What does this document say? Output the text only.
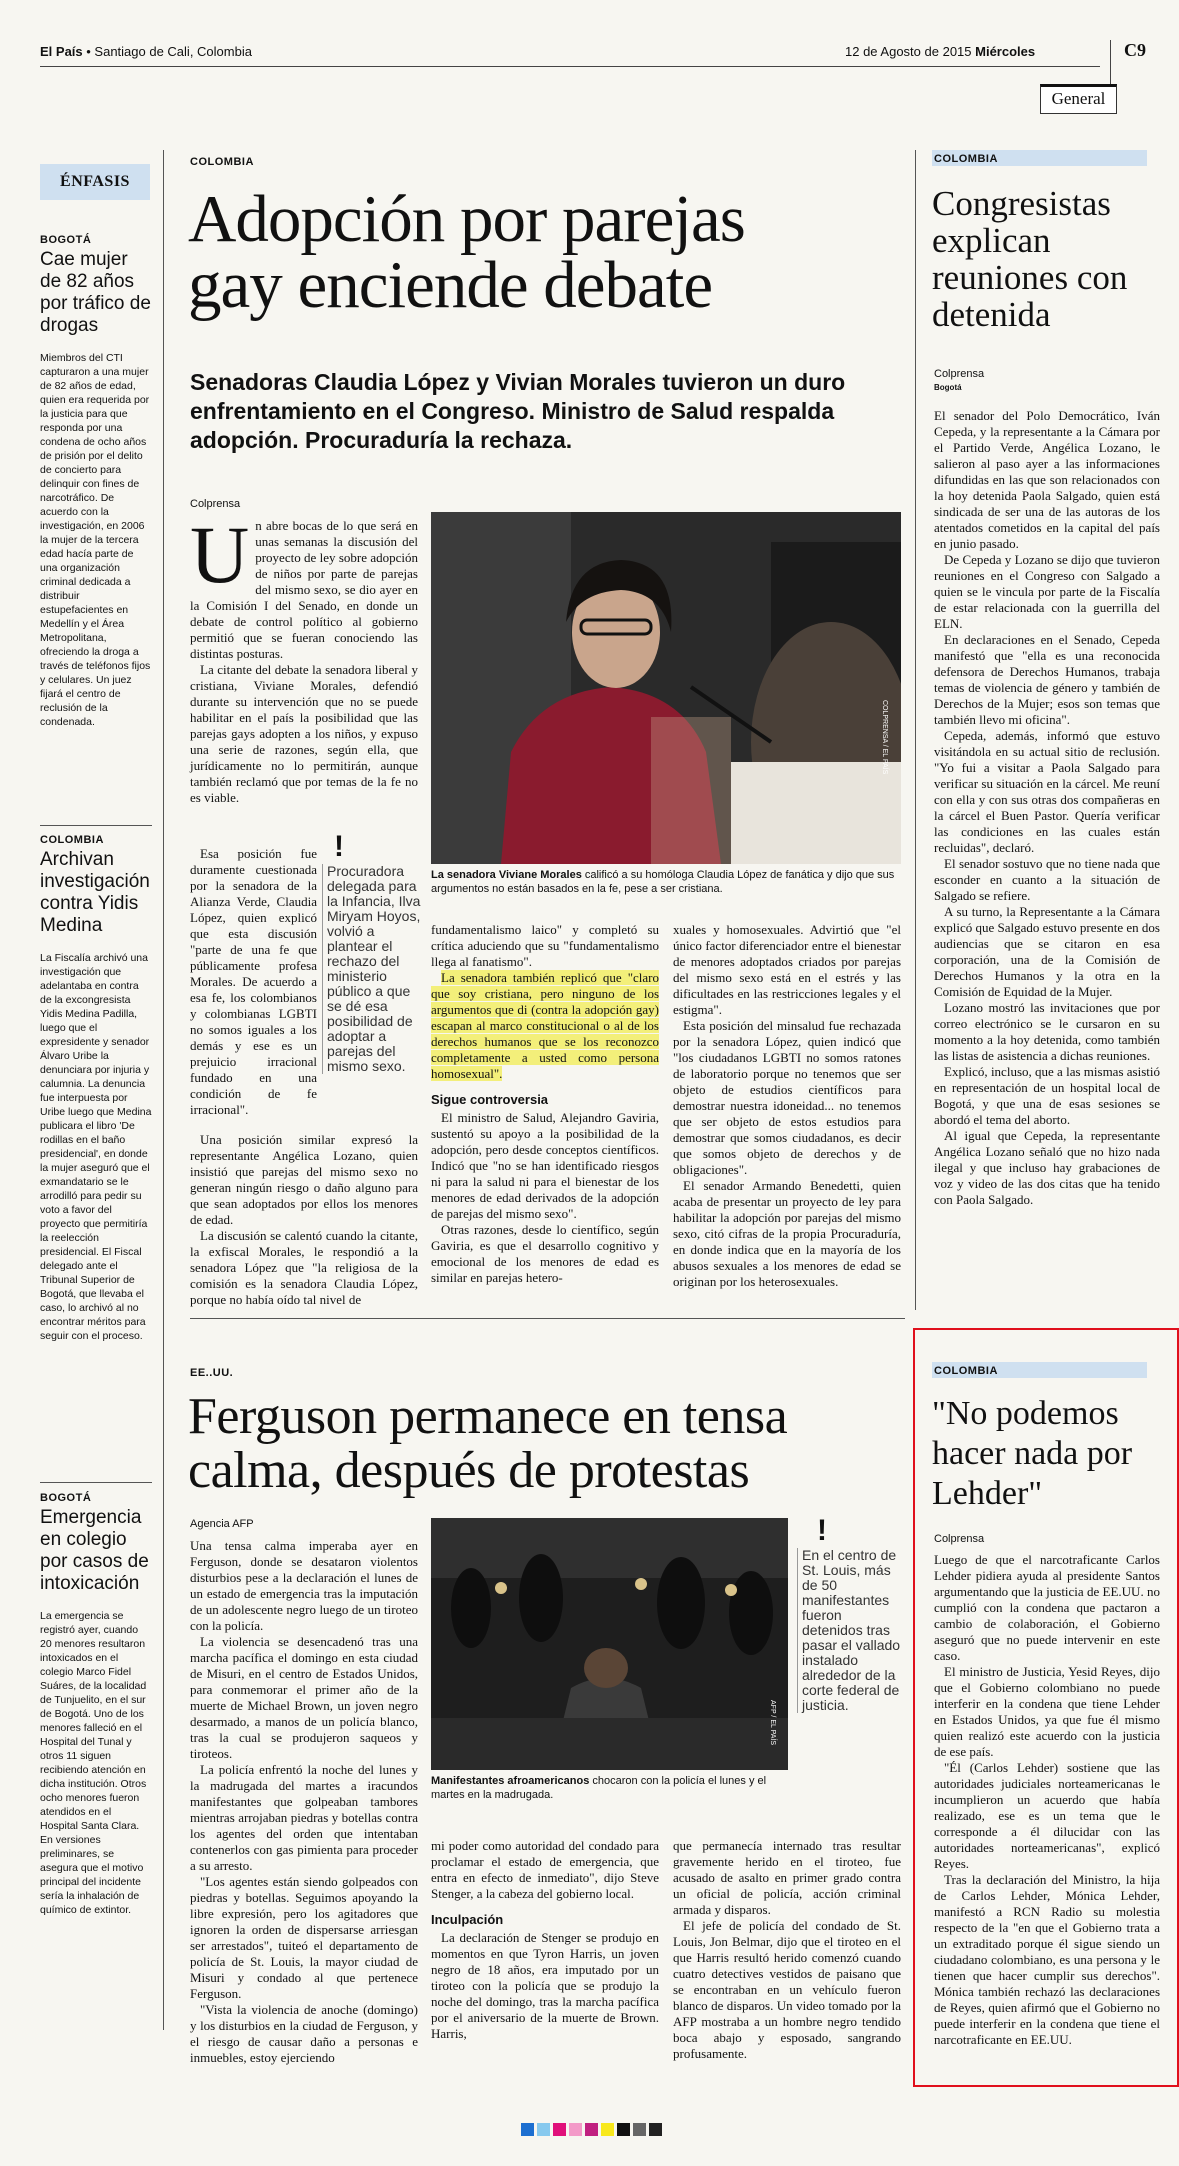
El País • Santiago de Cali, Colombia	12 de Agosto de 2015 Miércoles	C9
General
ÉNFASIS
BOGOTÁ
Cae mujer de 82 años por tráfico de drogas
Miembros del CTI capturaron a una mujer de 82 años de edad, quien era requerida por la justicia para que respondа por una condena de ocho años de prisión por el delito de concierto para delinquir con fines de narcotráfico. De acuerdo con la investigación, en 2006 la mujer de la tercera edad hacía parte de una organización criminal dedicada a distribuir estupefacientes en Medellín y el Área Metropolitana, ofreciendo la droga a través de teléfonos fijos y celulares. Un juez fijará el centro de reclusión de la condenada.
COLOMBIA
Archivan investigación contra Yidis Medina
La Fiscalía archivó una investigación que adelantaba en contra de la excongresista Yidis Medina Padilla, luego que el expresidente y senador Álvaro Uribe la denunciara por injuria y calumnia. La denuncia fue interpuesta por Uribe luego que Medina publicara el libro 'De rodillas en el baño presidencial', en donde la mujer aseguró que el exmandatario se le arrodilló para pedir su voto a favor del proyecto que permitiría la reelección presidencial. El Fiscal delegado ante el Tribunal Superior de Bogotá, que llevaba el caso, lo archivó al no encontrar méritos para seguir con el proceso.
BOGOTÁ
Emergencia en colegio por casos de intoxicación
La emergencia se registró ayer, cuando 20 menores resultaron intoxicados en el colegio Marco Fidel Suáres, de la localidad de Tunjuelito, en el sur de Bogotá. Uno de los menores falleció en el Hospital del Tunal y otros 11 siguen recibiendo atención en dicha institución. Otros ocho menores fueron atendidos en el Hospital Santa Clara. En versiones preliminares, se asegura que el motivo principal del incidente sería la inhalación de químico de extintor.
COLOMBIA
Adopción por parejas
gay enciende debate
Senadoras Claudia López y Vivian Morales tuvieron un duro enfrentamiento en el Congreso. Ministro de Salud respalda adopción. Procuraduría la rechaza.
Colprensa
U n abre bocas de lo que será en unas semanas la discusión del proyecto de ley sobre adopción de niños por parte de parejas del mismo sexo, se dio ayer en la Comisión I del Senado, en donde un debate de control político al gobierno permitió que se fueran conociendo las distintas posturas.

La citante del debate la senadora liberal y cristiana, Viviane Morales, defendió durante su intervención que no se puede habilitar en el país la posibilidad que las parejas gays adopten a los niños, y expuso una serie de razones, según ella, que jurídicamente no lo permitirán, aunque también reclamó que por temas de la fe no es viable.

Esa posición fue duramente cuestionada por la senadora de la Alianza Verde, Claudia López, quien explicó que esta discusión "parte de una fe que públicamente profesa Morales. De acuerdo a esa fe, los colombianos y colombianas LGBTI no somos iguales a los demás y ese es un prejuicio irracional fundado en una condición de fe irracional".

Una posición similar expresó la representante Angélica Lozano, quien insistió que parejas del mismo sexo no generan ningún riesgo o daño alguno para que sean adoptados por ellos los menores de edad.

La discusión se calentó cuando la citante, la exfiscal Morales, le respondió a la senadora López que "la religiosa de la comisión es la senadora Claudia López, porque no había oído tal nivel de

!
Procuradora delegada para la Infancia, Ilva Miryam Hoyos, volvió a plantear el rechazo del ministerio público a que se dé esa posibilidad de adoptar a parejas del mismo sexo.
COLPRENSA / EL PAÍS
La senadora Viviane Morales calificó a su homóloga Claudia López de fanática y dijo que sus argumentos no están basados en la fe, pese a ser cristiana.

fundamentalismo laico" y completó su crítica aduciendo que su "fundamentalismo llega al fanatismo".

La senadora también replicó que "claro que soy cristiana, pero ninguno de los argumentos que di (contra la adopción gay) escapan al marco constitucional o al de los derechos humanos que se los reconozco completamente a usted como persona homosexual".

Sigue controversia

El ministro de Salud, Alejandro Gaviria, sustentó su apoyo a la posibilidad de la adopción, pero desde conceptos científicos. Indicó que "no se han identificado riesgos ni para la salud ni para el bienestar de los menores de edad derivados de la adopción de parejas del mismo sexo".

Otras razones, desde lo científico, según Gaviria, es que el desarrollo cognitivo y emocional de los menores de edad es similar en parejas hetero-

xuales y homosexuales. Advirtió que "el único factor diferenciador entre el bienestar de menores adoptados criados por parejas del mismo sexo está en el estrés y las dificultades en las restricciones legales y el estigma".

Esta posición del minsalud fue rechazada por la senadora López, quien indicó que "los ciudadanos LGBTI no somos ratones de laboratorio porque no tenemos que ser objeto de estudios científicos para demostrar nuestra idoneidad... no tenemos que ser objeto de estos estudios para demostrar que somos ciudadanos, es decir que somos objeto de derechos y de obligaciones".

El senador Armando Benedetti, quien acaba de presentar un proyecto de ley para habilitar la adopción por parejas del mismo sexo, citó cifras de la propia Procuraduría, en donde indica que en la mayoría de los abusos sexuales a los menores de edad se originan por los heterosexuales.

COLOMBIA
Congresistas explican reuniones con detenida
Colprensa
Bogotá

El senador del Polo Democrático, Iván Cepeda, y la representante a la Cámara por el Partido Verde, Angélica Lozano, le salieron al paso ayer a las informaciones difundidas en las que son relacionados con la hoy detenida Paola Salgado, quien está sindicada de ser una de las autoras de los atentados cometidos en la capital del país en junio pasado.

De Cepeda y Lozano se dijo que tuvieron reuniones en el Congreso con Salgado a quien se le vincula por parte de la Fiscalía de estar relacionada con la guerrilla del ELN.

En declaraciones en el Senado, Cepeda manifestó que "ella es una reconocida defensora de Derechos Humanos, trabaja temas de violencia de género y también de Derechos de la Mujer; esos son temas que también llevo mi oficina".

Cepeda, además, informó que estuvo visitándola en su actual sitio de reclusión. "Yo fui a visitar a Paola Salgado para verificar su situación en la cárcel. Me reuní con ella y con sus otras dos compañeras en la cárcel el Buen Pastor. Quería verificar las condiciones en las cuales están recluidas", declaró.

El senador sostuvo que no tiene nada que esconder en cuanto a la situación de Salgado se refiere.

A su turno, la Representante a la Cámara explicó que Salgado estuvo presente en dos audiencias que se citaron en esa corporación, una de la Comisión de Derechos Humanos y la otra en la Comisión de Equidad de la Mujer.

Lozano mostró las invitaciones que por correo electrónico se le cursaron en su momento a la hoy detenida, como también las listas de asistencia a dichas reuniones.

Explicó, incluso, que a las mismas asistió en representación de un hospital local de Bogotá, y que una de esas sesiones se abordó el tema del aborto.

Al igual que Cepeda, la representante Angélica Lozano señaló que no hizo nada ilegal y que incluso hay grabaciones de voz y video de las dos citas que ha tenido con Paola Salgado.

EE..UU.
Ferguson permanece en tensa
calma, después de protestas
Agencia AFP

Una tensa calma imperaba ayer en Ferguson, donde se desataron violentos disturbios pese a la declaración el lunes de un estado de emergencia tras la imputación de un adolescente negro luego de un tiroteo con la policía.

La violencia se desencadenó tras una marcha pacífica el domingo en esta ciudad de Misuri, en el centro de Estados Unidos, para conmemorar el primer año de la muerte de Michael Brown, un joven negro desarmado, a manos de un policía blanco, tras la cual se produjeron saqueos y tiroteos.

La policía enfrentó la noche del lunes y la madrugada del martes a iracundos manifestantes que golpeaban tambores mientras arrojaban piedras y botellas contra los agentes del orden que intentaban contenerlos con gas pimienta para proceder a su arresto.

"Los agentes están siendo golpeados con piedras y botellas. Seguimos apoyando la libre expresión, pero los agitadores que ignoren la orden de dispersarse arriesgan ser arrestados", tuiteó el departamento de policía de St. Louis, la mayor ciudad de Misuri y condado al que pertenece Ferguson.

"Vista la violencia de anoche (domingo) y los disturbios en la ciudad de Ferguson, y el riesgo de causar daño a personas e inmuebles, estoy ejerciendo

AFP / EL PAÍS
Manifestantes afroamericanos chocaron con la policía el lunes y el martes en la madrugada.
!
En el centro de St. Louis, más de 50 manifestantes fueron detenidos tras pasar el vallado instalado alrededor de la corte federal de justicia.

mi poder como autoridad del condado para proclamar el estado de emergencia, que entra en efecto de inmediato", dijo Steve Stenger, a la cabeza del gobierno local.

Inculpación

La declaración de Stenger se produjo en momentos en que Tyron Harris, un joven negro de 18 años, era imputado por un tiroteo con la policía que se produjo la noche del domingo, tras la marcha pacífica por el aniversario de la muerte de Brown. Harris,

que permanecía internado tras resultar gravemente herido en el tiroteo, fue acusado de asalto en primer grado contra un oficial de policía, acción criminal armada y disparos.

El jefe de policía del condado de St. Louis, Jon Belmar, dijo que el tiroteo en el que Harris resultó herido comenzó cuando cuatro detectives vestidos de paisano que se encontraban en un vehículo fueron blanco de disparos. Un video tomado por la AFP mostraba a un hombre negro tendido boca abajo y esposado, sangrando profusamente.

COLOMBIA
"No podemos hacer nada por Lehder"
Colprensa

Luego de que el narcotraficante Carlos Lehder pidiera ayuda al presidente Santos argumentando que la justicia de EE.UU. no cumplió con la condena que pactaron a cambio de colaboración, el Gobierno aseguró que no puede intervenir en este caso.

El ministro de Justicia, Yesid Reyes, dijo que el Gobierno colombiano no puede interferir en la condena que tiene Lehder en Estados Unidos, ya que fue él mismo quien realizó este acuerdo con la justicia de ese país.

"Él (Carlos Lehder) sostiene que las autoridades judiciales norteamericanas le incumplieron un acuerdo que había realizado, ese es un tema que le corresponde a él dilucidar con las autoridades norteamericanas", explicó Reyes.

Tras la declaración del Ministro, la hija de Carlos Lehder, Mónica Lehder, manifestó a RCN Radio su molestia respecto de la "en que el Gobierno trata a un extraditado porque él sigue siendo un ciudadano colombiano, es una persona y le tienen que hacer cumplir sus derechos". Mónica también rechazó las declaraciones de Reyes, quien afirmó que el Gobierno no puede interferir en la condena que tiene el narcotraficante en EE.UU.
